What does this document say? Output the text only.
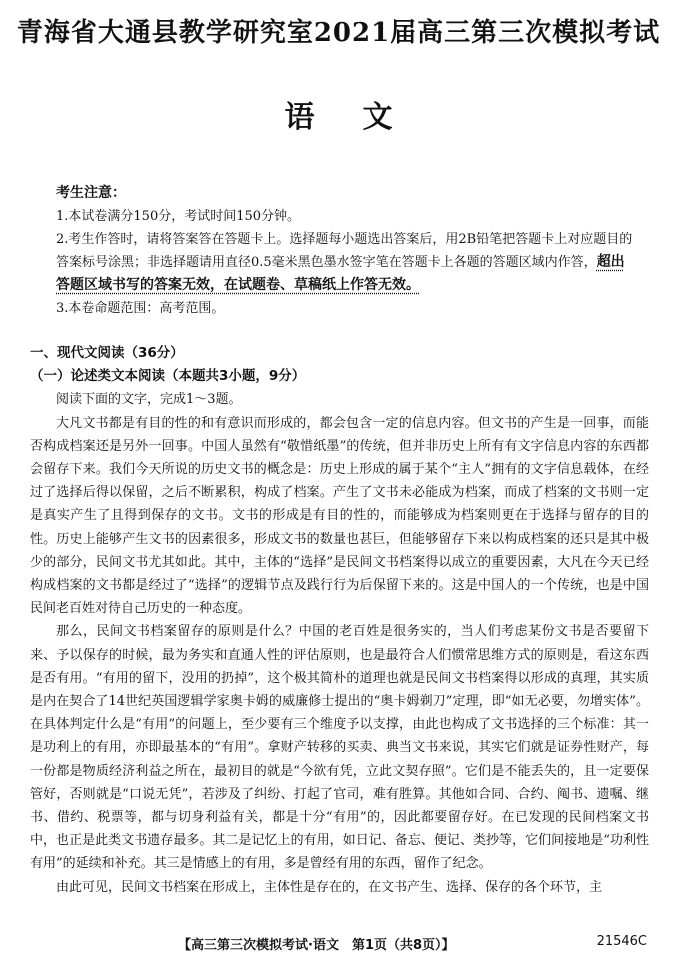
青海省大通县教学研究室2021届高三第三次模拟考试
语文
考生注意：

1.本试卷满分150分，考试时间150分钟。

2.考生作答时，请将答案答在答题卡上。选择题每小题选出答案后，用2B铅笔把答题卡上对应题目的答案标号涂黑；非选择题请用直径0.5毫米黑色墨水签字笔在答题卡上各题的答题区域内作答，超出答题区域书写的答案无效，在试题卷、草稿纸上作答无效。

3.本卷命题范围：高考范围。

一、现代文阅读（36分）
（一）论述类文本阅读（本题共3小题，9分）

阅读下面的文字，完成1～3题。

大凡文书都是有目的性的和有意识而形成的，都会包含一定的信息内容。但文书的产生是一回事，而能否构成档案还是另外一回事。中国人虽然有“敬惜纸墨”的传统，但并非历史上所有有文字信息内容的东西都会留存下来。我们今天所说的历史文书的概念是：历史上形成的属于某个“主人”拥有的文字信息载体，在经过了选择后得以保留，之后不断累积，构成了档案。产生了文书未必能成为档案，而成了档案的文书则一定是真实产生了且得到保存的文书。文书的形成是有目的性的，而能够成为档案则更在于选择与留存的目的性。历史上能够产生文书的因素很多，形成文书的数量也甚巨，但能够留存下来以构成档案的还只是其中极少的部分，民间文书尤其如此。其中，主体的“选择”是民间文书档案得以成立的重要因素，大凡在今天已经构成档案的文书都是经过了“选择”的逻辑节点及践行行为后保留下来的。这是中国人的一个传统，也是中国民间老百姓对待自己历史的一种态度。

那么，民间文书档案留存的原则是什么？中国的老百姓是很务实的，当人们考虑某份文书是否要留下来、予以保存的时候，最为务实和直通人性的评估原则，也是最符合人们惯常思维方式的原则是，看这东西是否有用。“有用的留下，没用的扔掉”，这个极其简朴的道理也就是民间文书档案得以形成的真理，其实质是内在契合了14世纪英国逻辑学家奥卡姆的威廉修士提出的“奥卡姆剃刀”定理，即“如无必要，勿增实体”。在具体判定什么是“有用”的问题上，至少要有三个维度予以支撑，由此也构成了文书选择的三个标准：其一是功利上的有用，亦即最基本的“有用”。拿财产转移的买卖、典当文书来说，其实它们就是证券性财产，每一份都是物质经济利益之所在，最初目的就是“今欲有凭，立此文契存照”。它们是不能丢失的，且一定要保管好，否则就是“口说无凭”，若涉及了纠纷、打起了官司，难有胜算。其他如合同、合约、阄书、遗嘱、继书、借约、税票等，都与切身利益有关，都是十分“有用”的，因此都要留存好。在已发现的民间档案文书中，也正是此类文书遗存最多。其二是记忆上的有用，如日记、备忘、便记、类抄等，它们间接地是“功利性有用”的延续和补充。其三是情感上的有用，多是曾经有用的东西，留作了纪念。

由此可见，民间文书档案在形成上，主体性是存在的，在文书产生、选择、保存的各个环节，主

【高三第三次模拟考试·语文　第1页（共8页）】	21546C
